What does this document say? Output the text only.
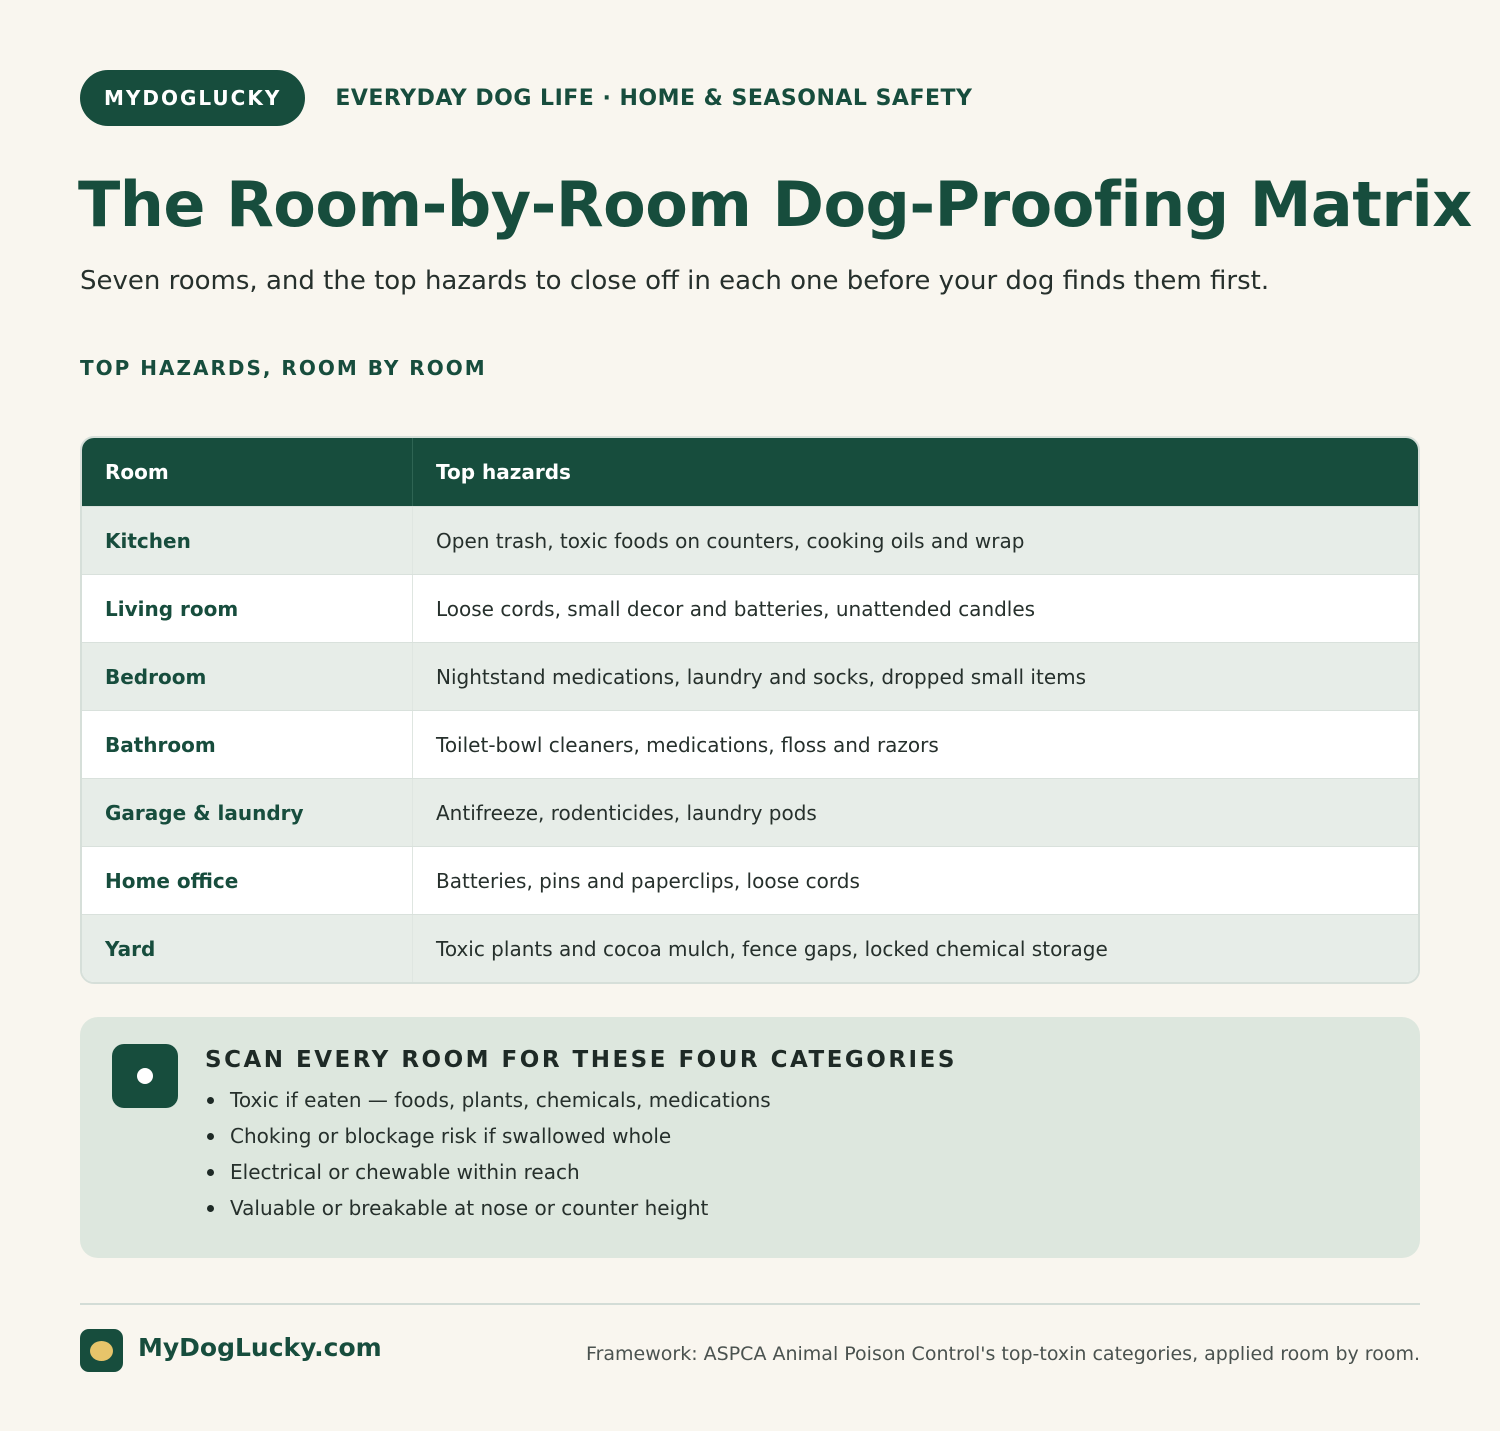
MYDOGLUCKY	EVERYDAY DOG LIFE · HOME & SEASONAL SAFETY
The Room-by-Room Dog-Proofing Matrix

Seven rooms, and the top hazards to close off in each one before your dog finds them first.

TOP HAZARDS, ROOM BY ROOM
Room	Top hazards
Kitchen	Open trash, toxic foods on counters, cooking oils and wrap
Living room	Loose cords, small decor and batteries, unattended candles
Bedroom	Nightstand medications, laundry and socks, dropped small items
Bathroom	Toilet-bowl cleaners, medications, floss and razors
Garage & laundry	Antifreeze, rodenticides, laundry pods
Home office	Batteries, pins and paperclips, loose cords
Yard	Toxic plants and cocoa mulch, fence gaps, locked chemical storage
SCAN EVERY ROOM FOR THESE FOUR CATEGORIES
Toxic if eaten — foods, plants, chemicals, medications
Choking or blockage risk if swallowed whole
Electrical or chewable within reach
Valuable or breakable at nose or counter height
MyDogLucky.com	Framework: ASPCA Animal Poison Control's top-toxin categories, applied room by room.
